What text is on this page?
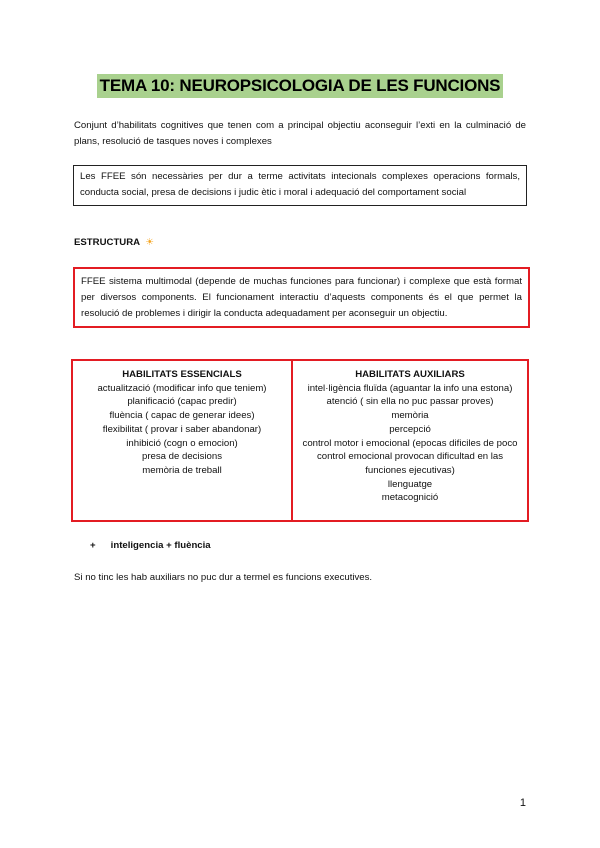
TEMA 10: NEUROPSICOLOGIA DE LES FUNCIONS
Conjunt d’habilitats cognitives que tenen com a principal objectiu aconseguir l’exti en la culminació de plans, resolució de tasques noves i complexes
Les FFEE són necessàries per dur a terme activitats intecionals complexes operacions formals, conducta social, presa de decisions i judic ètic i moral i adequació del comportament social
ESTRUCTURA ☀
FFEE sistema multimodal (depende de muchas funciones para funcionar) i complexe que està format per diversos components. El funcionament interactiu d’aquests components és el que permet la resolució de problemes i dirigir la conducta adequadament per aconseguir un objectiu.
HABILITATS ESSENCIALS
actualització (modificar info que teniem)
planificació (capac predir)
fluència ( capac de generar idees)
flexibilitat ( provar i saber abandonar)
inhibició (cogn o emocion)
presa de decisions
memòria de treball
HABILITATS AUXILIARS
intel·ligència fluïda (aguantar la info una estona)
atenció ( sin ella no puc passar proves)
memòria
percepció
control motor i emocional (epocas dificiles de poco control emocional provocan dificultad en las funciones ejecutivas)
llenguatge
metacognició
+ inteligencia + fluència
Si no tinc les hab auxiliars no puc dur a termel es funcions executives.
1
